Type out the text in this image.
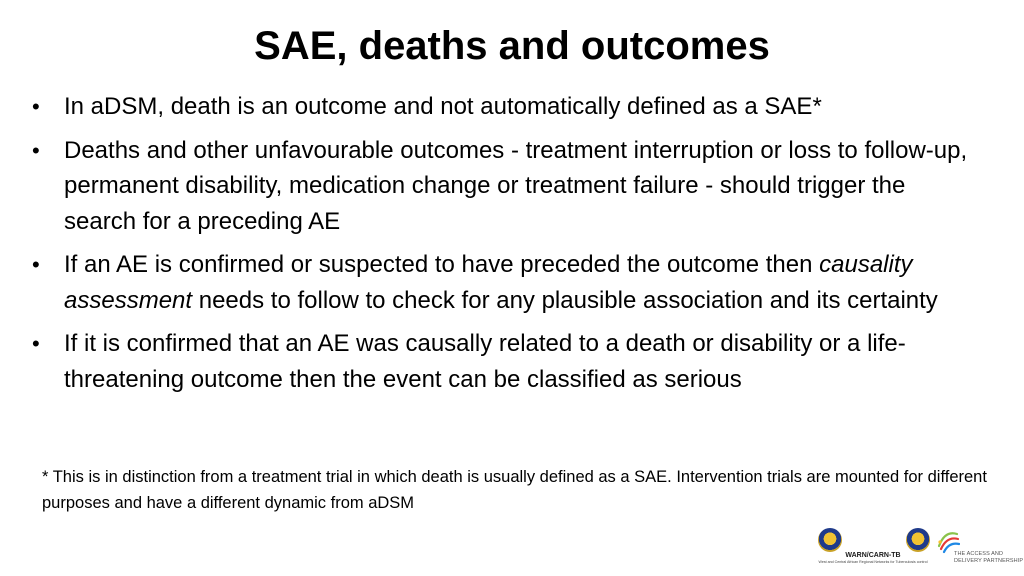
SAE, deaths and outcomes
• In aDSM, death is an outcome and not automatically defined as a SAE*
• Deaths and other unfavourable outcomes - treatment interruption or loss to follow-up, permanent disability, medication change or treatment failure - should trigger the search for a preceding AE
• If an AE is confirmed or suspected to have preceded the outcome then causality assessment needs to follow to check for any plausible association and its certainty
• If it is confirmed that an AE was causally related to a death or disability or a life-threatening outcome then the event can be classified as serious
* This is in distinction from a treatment trial in which death is usually defined as a SAE. Intervention trials are mounted for different purposes and have a different dynamic from aDSM
WARN/CARN-TB
West and Central African Regional Networks for Tuberculosis control
THE ACCESS AND
DELIVERY PARTNERSHIP
